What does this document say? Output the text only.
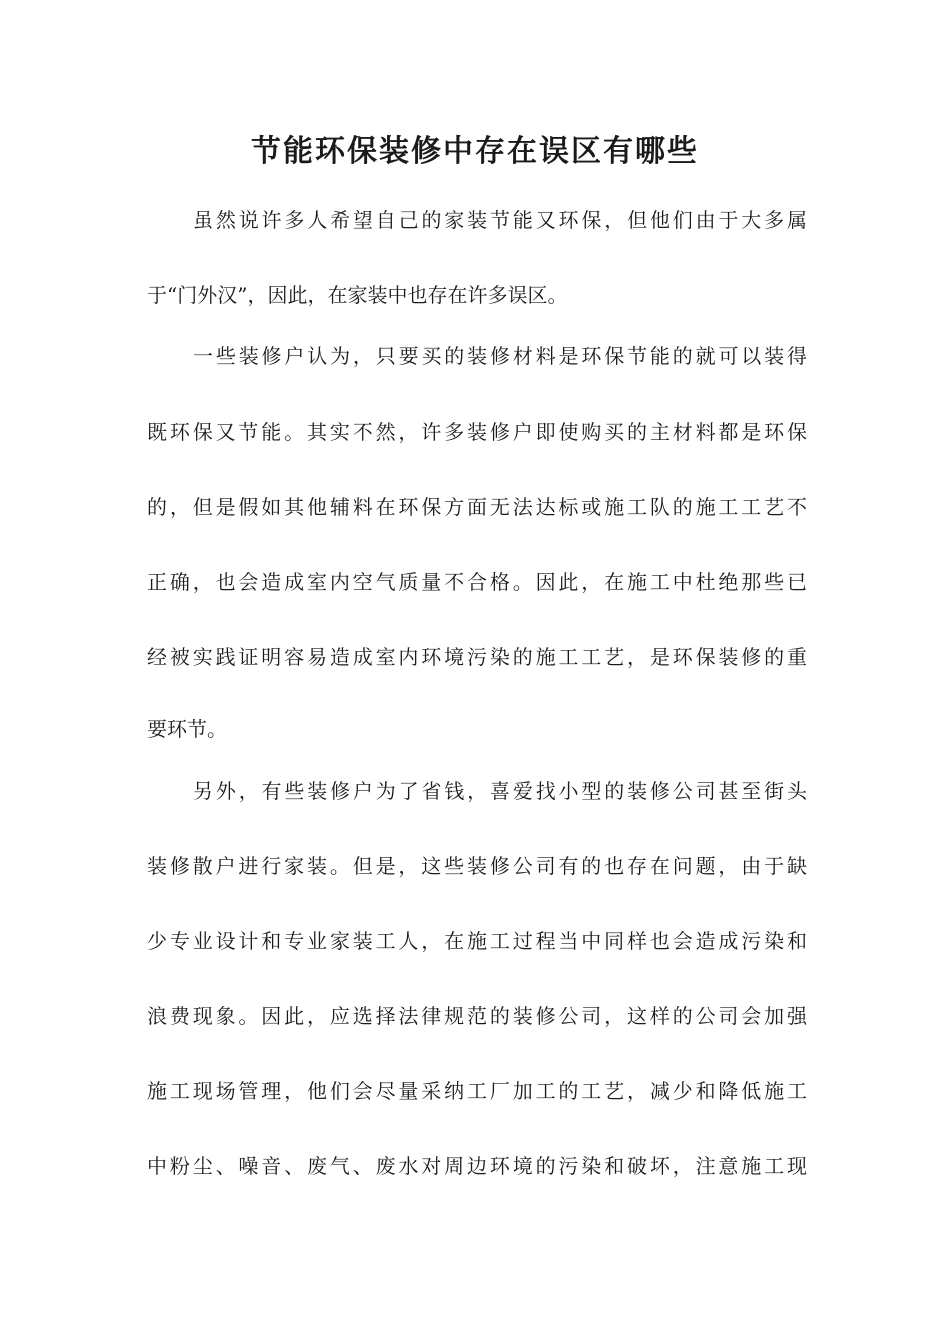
节能环保装修中存在误区有哪些
虽然说许多人希望自己的家装节能又环保，但他们由于大多属
于“门外汉”，因此，在家装中也存在许多误区。
一些装修户认为，只要买的装修材料是环保节能的就可以装得
既环保又节能。其实不然，许多装修户即使购买的主材料都是环保
的，但是假如其他辅料在环保方面无法达标或施工队的施工工艺不
正确，也会造成室内空气质量不合格。因此，在施工中杜绝那些已
经被实践证明容易造成室内环境污染的施工工艺，是环保装修的重
要环节。
另外，有些装修户为了省钱，喜爱找小型的装修公司甚至街头
装修散户进行家装。但是，这些装修公司有的也存在问题，由于缺
少专业设计和专业家装工人，在施工过程当中同样也会造成污染和
浪费现象。因此，应选择法律规范的装修公司，这样的公司会加强
施工现场管理，他们会尽量采纳工厂加工的工艺，减少和降低施工
中粉尘、噪音、废气、废水对周边环境的污染和破坏，注意施工现
